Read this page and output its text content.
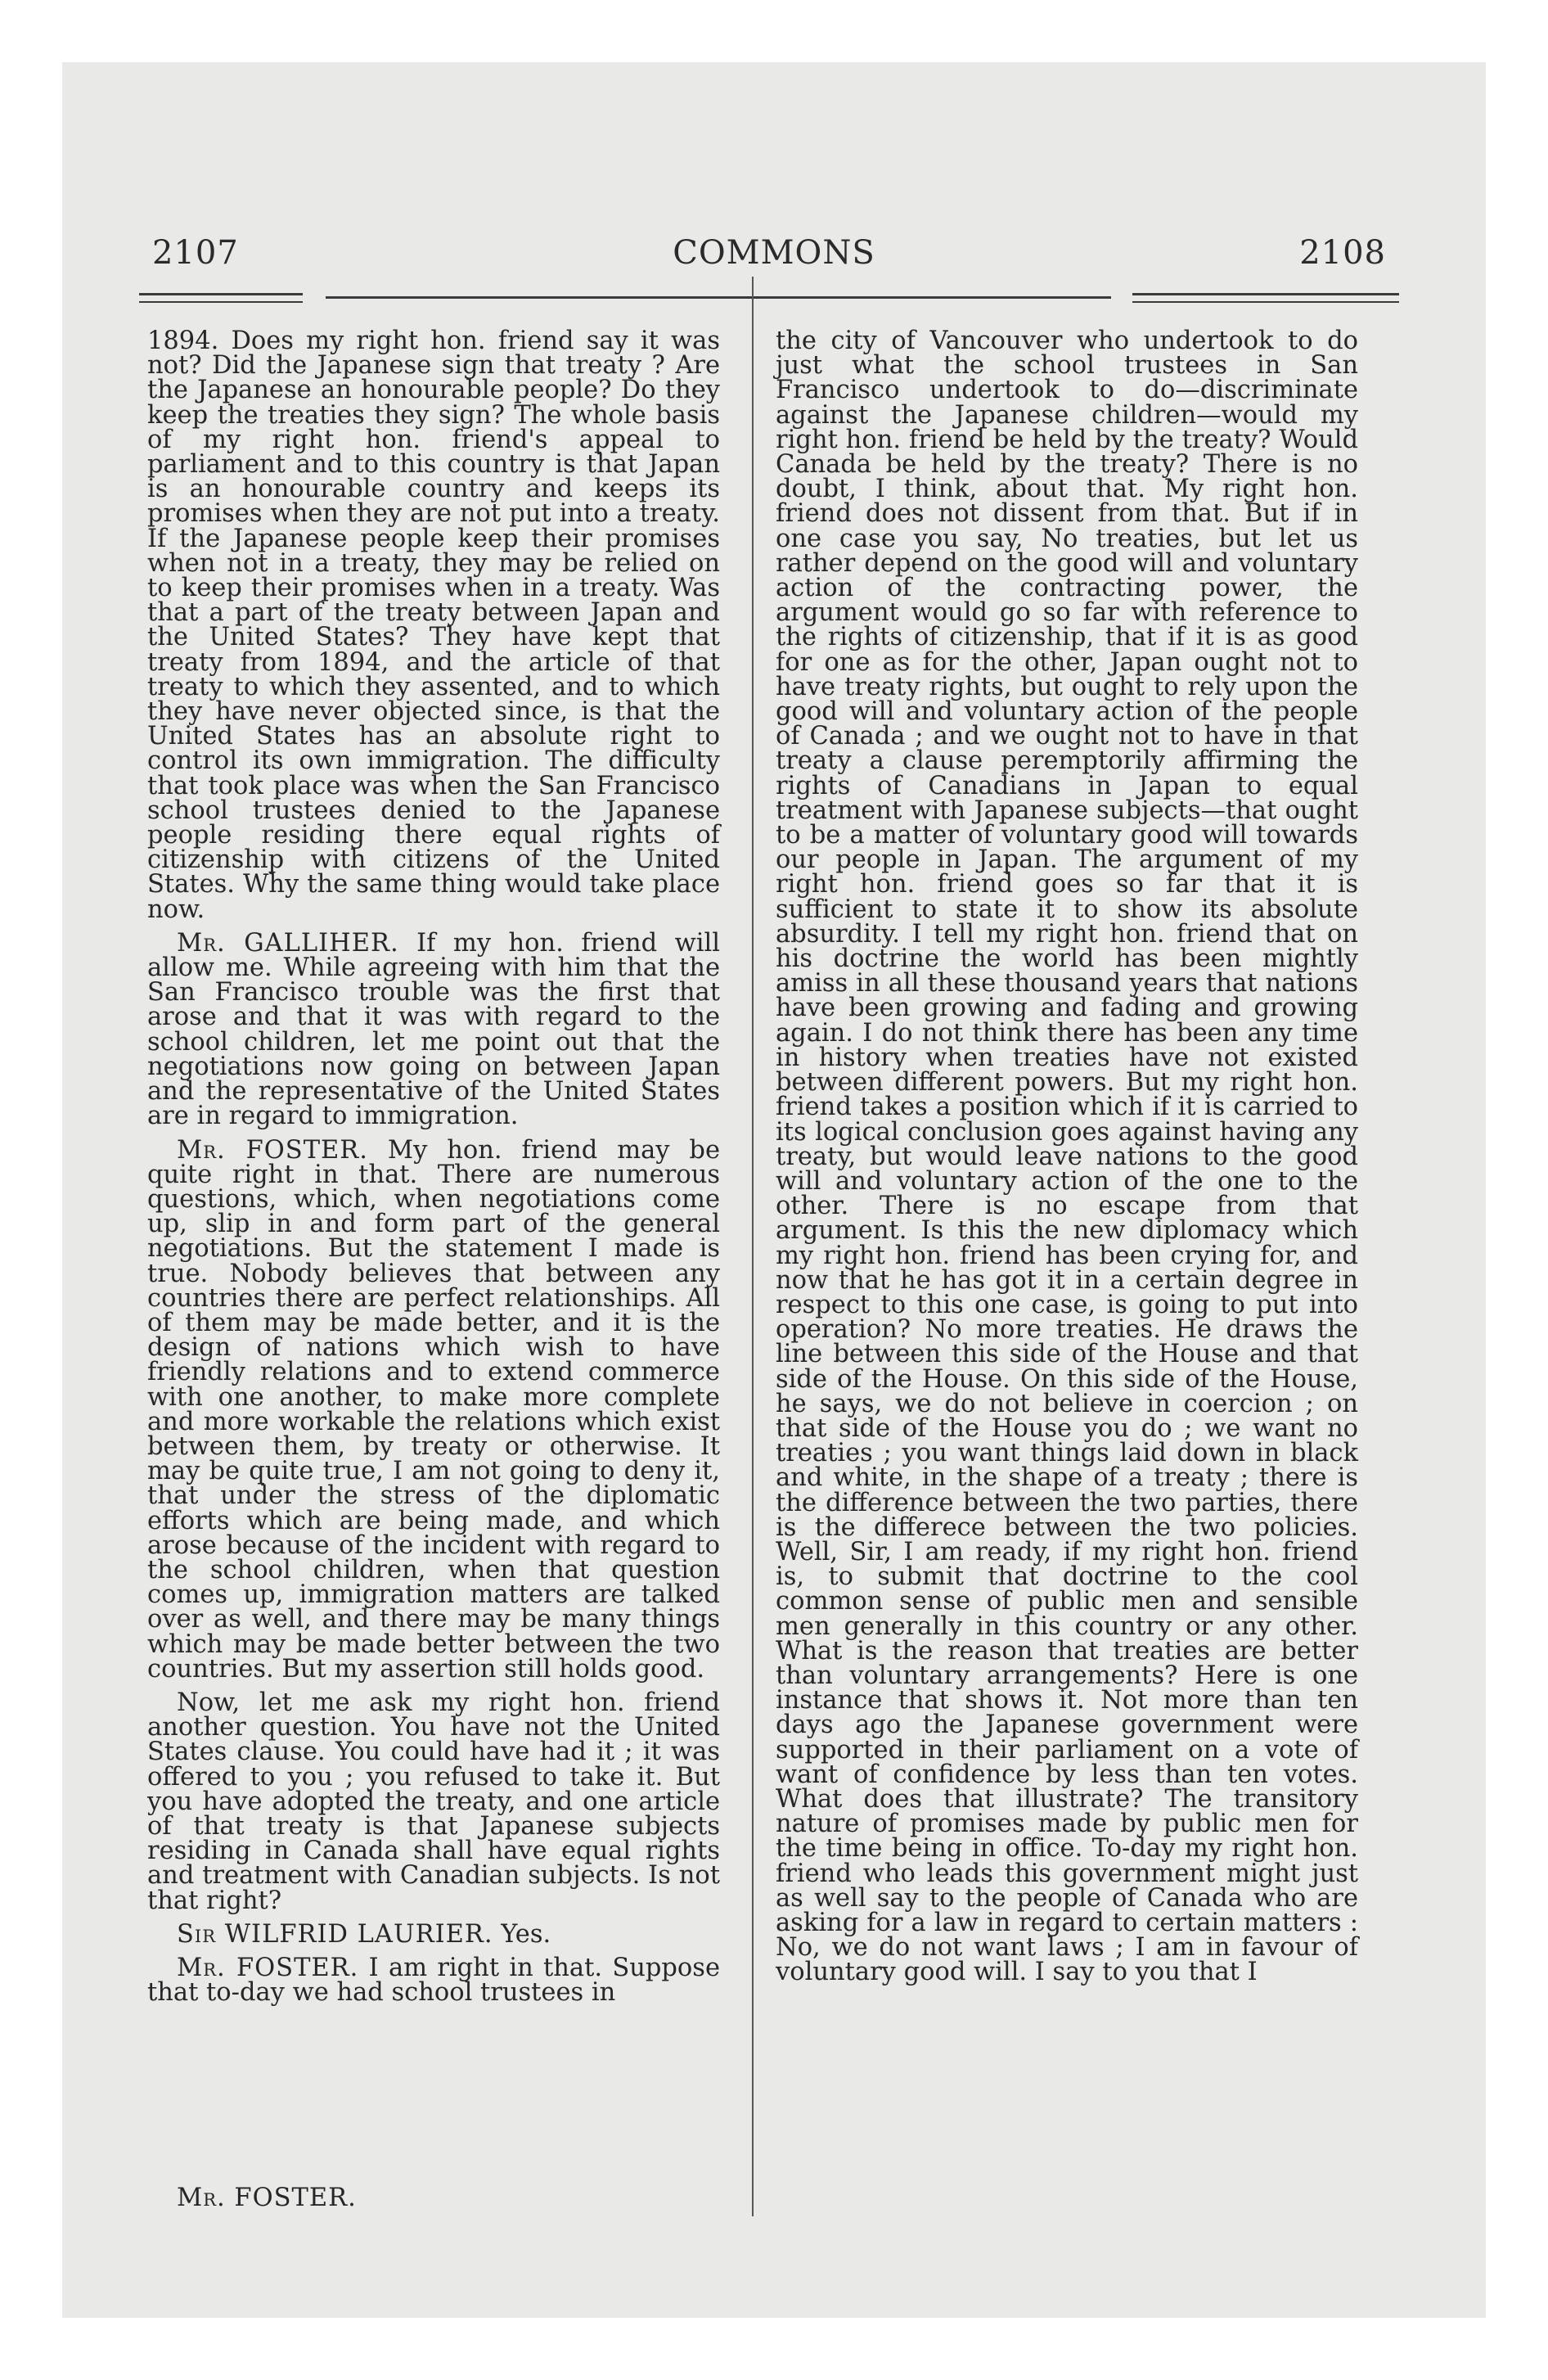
2107	COMMONS	2108

1894. Does my right hon. friend say it was not? Did the Japanese sign that treaty ? Are the Japanese an honourable people? Do they keep the treaties they sign? The whole basis of my right hon. friend's appeal to parliament and to this country is that Japan is an honourable country and keeps its promises when they are not put into a treaty. If the Japanese people keep their promises when not in a treaty, they may be relied on to keep their promises when in a treaty. Was that a part of the treaty between Japan and the United States? They have kept that treaty from 1894, and the article of that treaty to which they assented, and to which they have never objected since, is that the United States has an absolute right to control its own immigration. The difficulty that took place was when the San Francisco school trustees denied to the Japanese people residing there equal rights of citizenship with citizens of the United States. Why the same thing would take place now.

Mr. GALLIHER. If my hon. friend will allow me. While agreeing with him that the San Francisco trouble was the first that arose and that it was with regard to the school children, let me point out that the negotiations now going on between Japan and the representative of the United States are in regard to immigration.

Mr. FOSTER. My hon. friend may be quite right in that. There are numerous questions, which, when negotiations come up, slip in and form part of the general negotiations. But the statement I made is true. Nobody believes that between any countries there are perfect relationships. All of them may be made better, and it is the design of nations which wish to have friendly relations and to extend commerce with one another, to make more complete and more workable the relations which exist between them, by treaty or otherwise. It may be quite true, I am not going to deny it, that under the stress of the diplomatic efforts which are being made, and which arose because of the incident with regard to the school children, when that question comes up, immigration matters are talked over as well, and there may be many things which may be made better between the two countries. But my assertion still holds good.

Now, let me ask my right hon. friend another question. You have not the United States clause. You could have had it ; it was offered to you ; you refused to take it. But you have adopted the treaty, and one article of that treaty is that Japanese subjects residing in Canada shall have equal rights and treatment with Canadian subjects. Is not that right?

Sir WILFRID LAURIER. Yes.

Mr. FOSTER. I am right in that. Suppose that to-day we had school trustees in

the city of Vancouver who undertook to do just what the school trustees in San Francisco undertook to do—discriminate against the Japanese children—would my right hon. friend be held by the treaty? Would Canada be held by the treaty? There is no doubt, I think, about that. My right hon. friend does not dissent from that. But if in one case you say, No treaties, but let us rather depend on the good will and voluntary action of the contracting power, the argument would go so far with reference to the rights of citizenship, that if it is as good for one as for the other, Japan ought not to have treaty rights, but ought to rely upon the good will and voluntary action of the people of Canada ; and we ought not to have in that treaty a clause peremptorily affirming the rights of Canadians in Japan to equal treatment with Japanese subjects—that ought to be a matter of voluntary good will towards our people in Japan. The argument of my right hon. friend goes so far that it is sufficient to state it to show its absolute absurdity. I tell my right hon. friend that on his doctrine the world has been mightly amiss in all these thousand years that nations have been growing and fading and growing again. I do not think there has been any time in history when treaties have not existed between different powers. But my right hon. friend takes a position which if it is carried to its logical conclusion goes against having any treaty, but would leave nations to the good will and voluntary action of the one to the other. There is no escape from that argument. Is this the new diplomacy which my right hon. friend has been crying for, and now that he has got it in a certain degree in respect to this one case, is going to put into operation? No more treaties. He draws the line between this side of the House and that side of the House. On this side of the House, he says, we do not believe in coercion ; on that side of the House you do ; we want no treaties ; you want things laid down in black and white, in the shape of a treaty ; there is the difference between the two parties, there is the differece between the two policies. Well, Sir, I am ready, if my right hon. friend is, to submit that doctrine to the cool common sense of public men and sensible men generally in this country or any other. What is the reason that treaties are better than voluntary arrangements? Here is one instance that shows it. Not more than ten days ago the Japanese government were supported in their parliament on a vote of want of confidence by less than ten votes. What does that illustrate? The transitory nature of promises made by public men for the time being in office. To-day my right hon. friend who leads this government might just as well say to the people of Canada who are asking for a law in regard to certain matters : No, we do not want laws ; I am in favour of voluntary good will. I say to you that I

Mr. FOSTER.
